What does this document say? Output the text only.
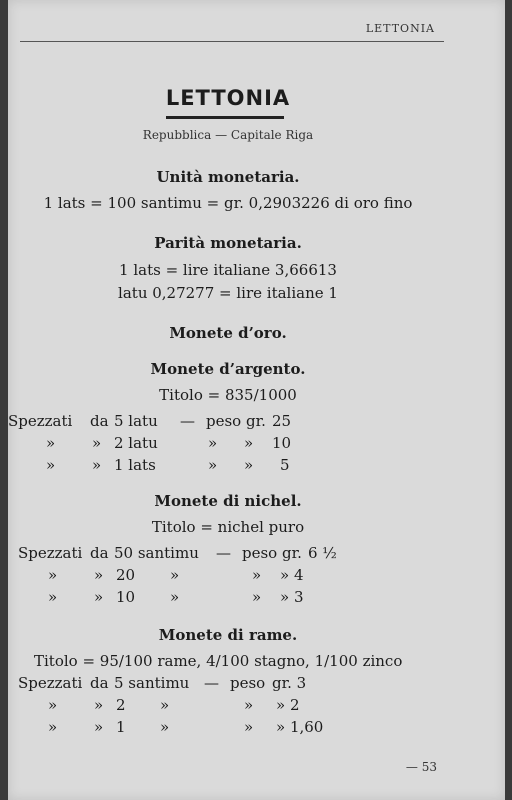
LETTONIA
LETTONIA
Repubblica — Capitale Riga
Unità monetaria.
1 lats = 100 santimu = gr. 0,2903226 di oro fino
Parità monetaria.
1 lats = lire italiane 3,66613
latu 0,27277 = lire italiane 1
Monete d’oro.
Monete d’argento.
Titolo = 835/1000
Spezzati da 5 latu — peso gr. 25
» » 2 latu	» » 10
» » 1 lats	» » 5
Monete di nichel.
Titolo = nichel puro
Spezzati da 50 santimu — peso gr. 6 ½
» » 20 »	» » 4
» » 10 »	» » 3
Monete di rame.
Titolo = 95/100 rame, 4/100 stagno, 1/100 zinco
Spezzati da 5 santimu — peso gr. 3
» » 2 »	» » 2
» » 1 »	» » 1,60
— 53
